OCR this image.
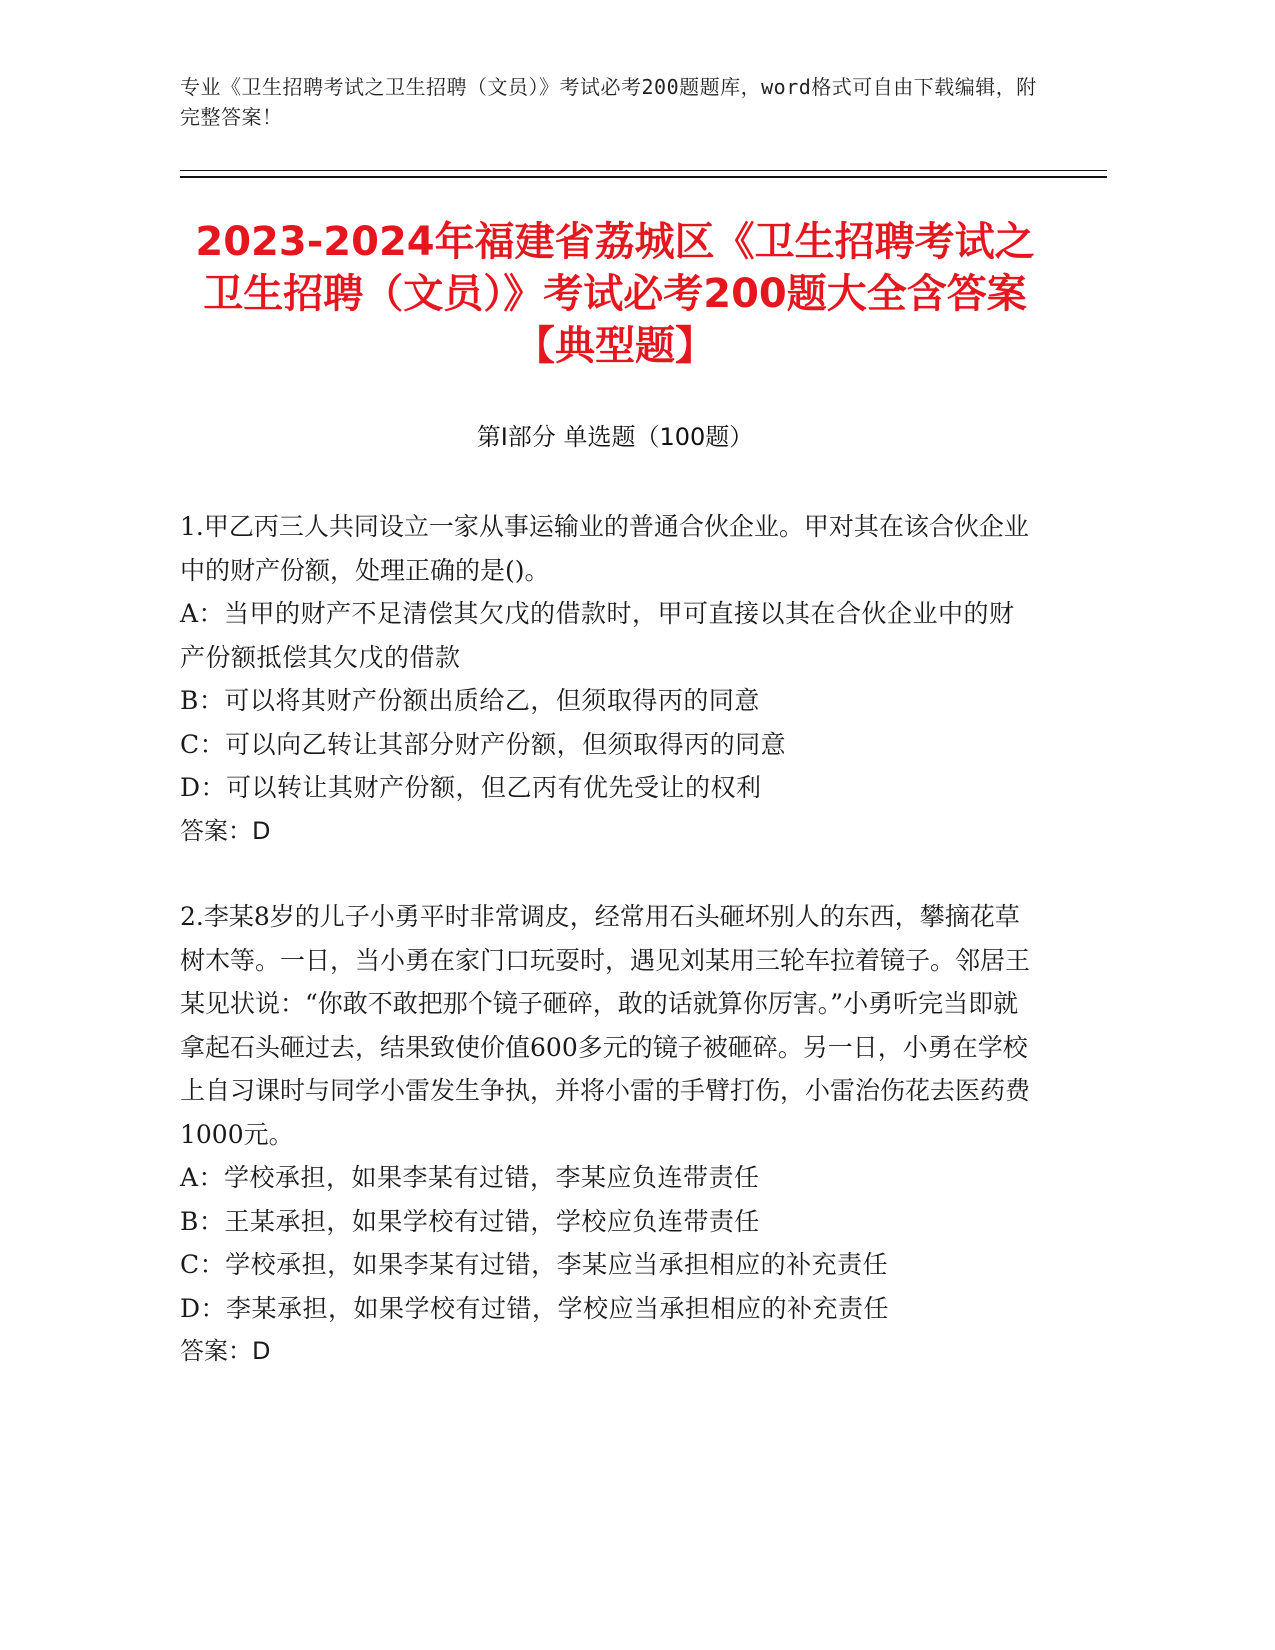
专业《卫生招聘考试之卫生招聘（文员）》考试必考200题题库，word格式可自由下载编辑，附完整答案！
2023-2024年福建省荔城区《卫生招聘考试之卫生招聘（文员）》考试必考200题大全含答案【典型题】
第I部分 单选题（100题）

1.甲乙丙三人共同设立一家从事运输业的普通合伙企业。甲对其在该合伙企业中的财产份额，处理正确的是()。

A：当甲的财产不足清偿其欠戊的借款时，甲可直接以其在合伙企业中的财产份额抵偿其欠戊的借款

B：可以将其财产份额出质给乙，但须取得丙的同意

C：可以向乙转让其部分财产份额，但须取得丙的同意

D：可以转让其财产份额，但乙丙有优先受让的权利

答案：D

2.李某8岁的儿子小勇平时非常调皮，经常用石头砸坏别人的东西，攀摘花草树木等。一日，当小勇在家门口玩耍时，遇见刘某用三轮车拉着镜子。邻居王某见状说：“你敢不敢把那个镜子砸碎，敢的话就算你厉害。”小勇听完当即就拿起石头砸过去，结果致使价值600多元的镜子被砸碎。另一日，小勇在学校上自习课时与同学小雷发生争执，并将小雷的手臂打伤，小雷治伤花去医药费1000元。

A：学校承担，如果李某有过错，李某应负连带责任

B：王某承担，如果学校有过错，学校应负连带责任

C：学校承担，如果李某有过错，李某应当承担相应的补充责任

D：李某承担，如果学校有过错，学校应当承担相应的补充责任

答案：D
